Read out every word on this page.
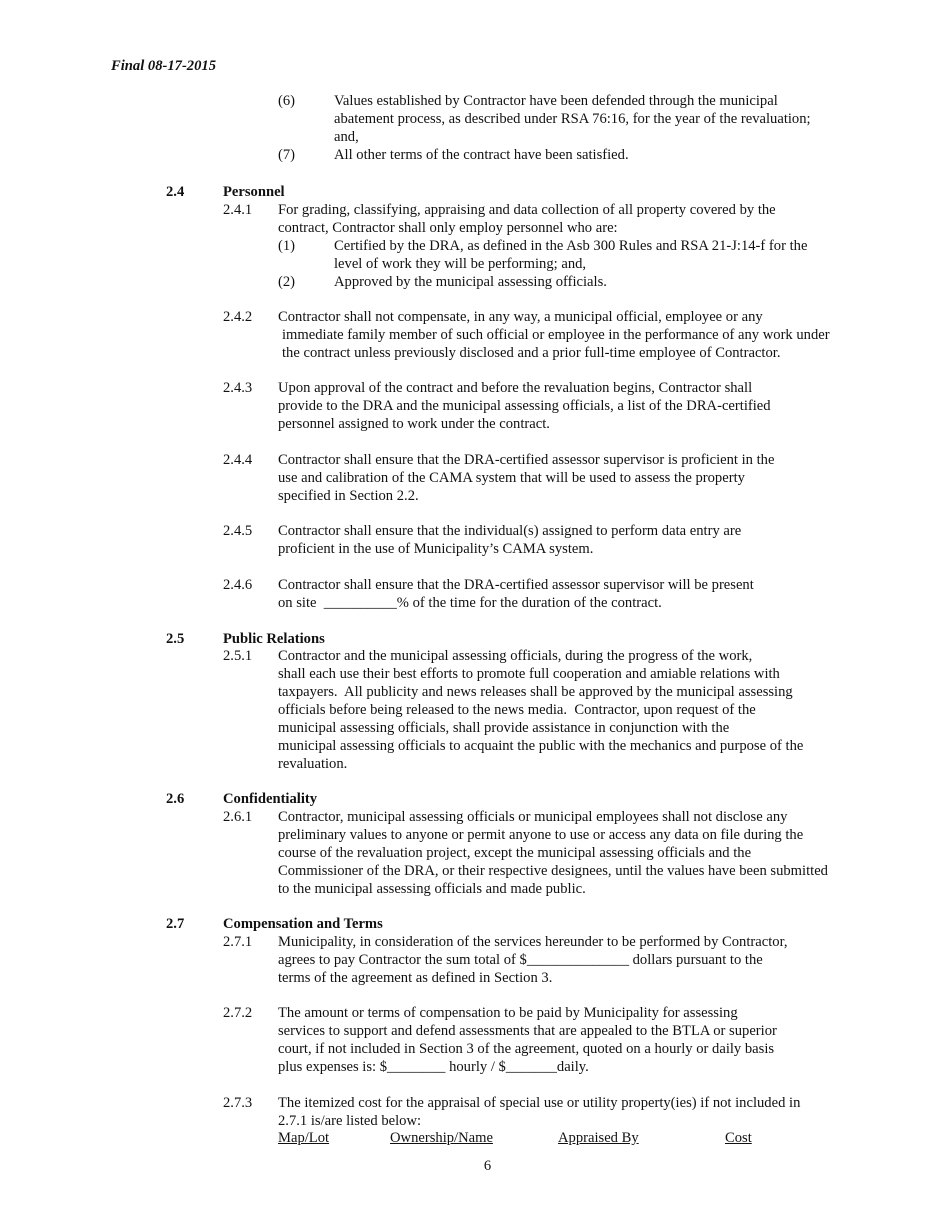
Final 08-17-2015
(6)	Values established by Contractor have been defended through the municipal
abatement process, as described under RSA 76:16, for the year of the revaluation;
and,
(7)	All other terms of the contract have been satisfied.
2.4	Personnel
2.4.1 For grading, classifying, appraising and data collection of all property covered by the
contract, Contractor shall only employ personnel who are:
(1)	Certified by the DRA, as defined in the Asb 300 Rules and RSA 21-J:14-f for the
level of work they will be performing; and,
(2)	Approved by the municipal assessing officials.
2.4.2 Contractor shall not compensate, in any way, a municipal official, employee or any
immediate family member of such official or employee in the performance of any work under
the contract unless previously disclosed and a prior full-time employee of Contractor.
2.4.3 Upon approval of the contract and before the revaluation begins, Contractor shall
provide to the DRA and the municipal assessing officials, a list of the DRA-certified
personnel assigned to work under the contract.
2.4.4 Contractor shall ensure that the DRA-certified assessor supervisor is proficient in the
use and calibration of the CAMA system that will be used to assess the property
specified in Section 2.2.
2.4.5 Contractor shall ensure that the individual(s) assigned to perform data entry are
proficient in the use of Municipality’s CAMA system.
2.4.6 Contractor shall ensure that the DRA-certified assessor supervisor will be present
on site  __________% of the time for the duration of the contract.
2.5	Public Relations
2.5.1 Contractor and the municipal assessing officials, during the progress of the work,
shall each use their best efforts to promote full cooperation and amiable relations with
taxpayers.  All publicity and news releases shall be approved by the municipal assessing
officials before being released to the news media.  Contractor, upon request of the
municipal assessing officials, shall provide assistance in conjunction with the
municipal assessing officials to acquaint the public with the mechanics and purpose of the
revaluation.
2.6	Confidentiality
2.6.1 Contractor, municipal assessing officials or municipal employees shall not disclose any
preliminary values to anyone or permit anyone to use or access any data on file during the
course of the revaluation project, except the municipal assessing officials and the
Commissioner of the DRA, or their respective designees, until the values have been submitted
to the municipal assessing officials and made public.
2.7	Compensation and Terms
2.7.1 Municipality, in consideration of the services hereunder to be performed by Contractor,
agrees to pay Contractor the sum total of $______________ dollars pursuant to the
terms of the agreement as defined in Section 3.
2.7.2 The amount or terms of compensation to be paid by Municipality for assessing
services to support and defend assessments that are appealed to the BTLA or superior
court, if not included in Section 3 of the agreement, quoted on a hourly or daily basis
plus expenses is: $________ hourly / $_______daily.
2.7.3 The itemized cost for the appraisal of special use or utility property(ies) if not included in
2.7.1 is/are listed below:
Map/Lot	Ownership/Name	Appraised By	Cost
6
